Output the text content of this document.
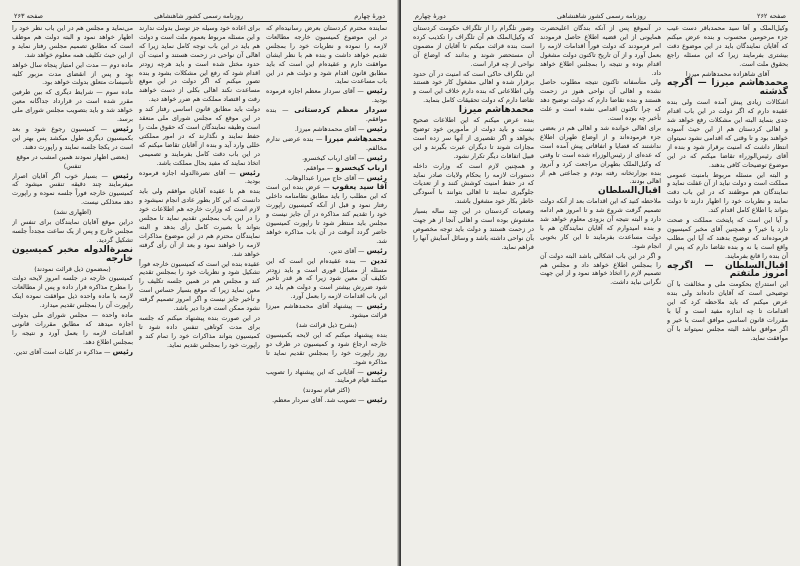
دورهٔ چهارم
روزنامه رسمی کشور شاهنشاهی
صفحه ۲۶۳

نماینده محترم کردستان بعرض رسانیده‌ام که در این موضوع کمیسیون خارجه مطالعات لازمه را نموده و نظریات خود را بمجلس تقدیم خواهد داشت و بنده هم با نظر ایشان موافقت دارم و عقیده‌ام این است که باید مطابق قانون اقدام شود و دولت هم در این باب مساعدت نماید.

رئیس — آقای سردار معظم اجازه فرموده بودید.

سردار معظم کردستانی — بنده موافقم.

رئیس — آقای محمدهاشم میرزا.

محمدهاشم میرزا — بنده عرضی ندارم مخالفم.

رئیس — آقای ارباب کیخسرو.

ارباب کیخسرو — موافقم.

رئیس — آقای حاج میرزا عبدالوهاب.

آقا سید یعقوب — عرض بنده این است که این مطلب را باید مطابق نظامنامه داخلی رفتار نمود و قبل از آنکه کمیسیون راپورت خود را تقدیم کند مذاکره در آن جایز نیست و مجلس باید منتظر شود تا راپورت کمیسیون حاضر گردد آنوقت در آن باب مذاکره خواهد شد.

رئیس — آقای تدین.

تدین — بنده عقیده‌ام این است که این مسئله از مسائل فوری است و باید زودتر تکلیف آن معین شود زیرا که هر قدر تأخیر شود ضررش بیشتر است و دولت هم باید در این باب اقدامات لازمه را بعمل آورد.

رئیس — پیشنهاد آقای محمدهاشم میرزا قرائت میشود.

(بشرح ذیل قرائت شد)

بنده پیشنهاد میکنم که این لایحه بکمیسیون خارجه ارجاع شود و کمیسیون در ظرف دو روز راپورت خود را بمجلس تقدیم نماید تا مذاکره شود.

رئیس — آقایانی که این پیشنهاد را تصویب میکنند قیام فرمایند.

(اکثر قیام نمودند)

رئیس — تصویب شد. آقای سردار معظم.

برای اعاده خود وسیله جز توسل بدولت ندارند و این مسئله مربوط بعموم ملت است و دولت هم باید در این باب توجه کامل نماید زیرا که اهالی آن نواحی در زحمت هستند و امنیت آن حدود مختل شده است و باید هرچه زودتر اقدام شود که رفع این مشکلات بشود و بنده تصور میکنم که اگر دولت در این موقع مساعدت نکند اهالی بکلی از دست خواهند رفت و اقتصاد مملکت هم ضرر خواهد دید.

دولت باید مطابق قانون اساسی رفتار کند و در این موقع که مجلس شورای ملی منعقد است وظیفه نمایندگان است که حقوق ملت را حفظ نمایند و نگذارند که در امور مملکتی خللی وارد آید و بنده از آقایان تقاضا میکنم که در این باب دقت کامل بفرمایند و تصمیمی اتخاذ نمایند که مفید بحال مملکت باشد.

رئیس — آقای نصرة‌الدوله اجازه فرموده بودید.

بنده هم با عقیده آقایان موافقم ولی باید دانست که این کار بطور عادی انجام نمیشود و لازم است که وزارت خارجه هم اطلاعات خود را در این باب بمجلس تقدیم نماید تا مجلس بتواند با بصیرت کامل رأی بدهد و البته نمایندگان محترم هم در این موضوع مذاکرات لازمه را خواهند نمود و بعد از آن رأی گرفته خواهد شد.

عقیده بنده این است که کمیسیون خارجه فوراً تشکیل شود و نظریات خود را بمجلس تقدیم کند و مجلس هم در همین جلسه تکلیف را معین نماید زیرا که موقع بسیار حساس است و تأخیر جایز نیست و اگر امروز تصمیم گرفته نشود ممکن است فردا دیر باشد.

در این صورت بنده پیشنهاد میکنم که جلسه برای مدت کوتاهی تنفس داده شود تا کمیسیون بتواند مذاکرات خود را تمام کند و راپورت خود را بمجلس تقدیم نماید.

می‌نماید و مجلس هم در این باب نظر خود را اظهار خواهد نمود و البته دولت هم موظف است که مطابق تصمیم مجلس رفتار نماید و از این حیث تکلیف همه معلوم خواهد شد.

ماده دوم — مدت این امتیاز پنجاه سال خواهد بود و پس از انقضای مدت مزبور کلیه تأسیسات متعلق بدولت خواهد بود.

ماده سوم — شرایط دیگری که بین طرفین مقرر شده است در قرارداد جداگانه معین خواهد شد و باید بتصویب مجلس شورای ملی برسد.

رئیس — کمیسیون رجوع شود و بعد بکمیسیون دیگری طول میکشد پس بهتر این است در یکجا جلسه نمایند و راپورت دهند.

(بعضی اظهار نمودند همین امشب در موقع تنفس)

رئیس — بسیار خوب اگر آقایان اصرار میفرمایند چند دقیقه تنفس میشود که کمیسیون خارجه فوراً جلسه نموده و راپورت دهد معذلکی نیست.

(اظهاری نشد)

دراین موقع آقایان نمایندگان برای تنفس از مجلس خارج و پس از یک ساعت مجدداً جلسه تشکیل گردید.

نصرة‌الدوله مخبر کمیسیون خارجه

(بمضمون ذیل قرائت نمودند)

کمیسیون خارجه در جلسه امروز لایحه دولت را مطرح مذاکره قرار داده و پس از مطالعات لازمه با ماده واحده ذیل موافقت نموده اینک راپورت آن را بمجلس تقدیم میدارد.

ماده واحده — مجلس شورای ملی بدولت اجازه میدهد که مطابق مقررات قانونی اقدامات لازمه را بعمل آورد و نتیجه را بمجلس اطلاع دهد.

رئیس — مذاکره در کلیات است آقای تدین.

صفحه ۲۶۲
روزنامه رسمی کشور شاهنشاهی
دورهٔ چهارم

وکیل‌الملک و آقا سید محمدباقر دست غیب جزء مرحومین محسوب و بنده عرض میکنم که آقایان نمایندگان باید در این موضوع دقت بیشتری بفرمایند زیرا که این مسئله راجع بحقوق ملت است.

آقای شاهزاده محمدهاشم میرزا

محمدهاشم میرزا — اگرچه گذشته

اشکالات زیادی پیش آمده است ولی بنده عقیده دارم که اگر دولت در این باب اقدام جدی بنماید البته این مشکلات رفع خواهد شد و اهالی کردستان هم از این حیث آسوده خواهند بود و تا وقتی که اقدامی نشود نمیتوان انتظار داشت که امنیت برقرار شود و بنده از آقای رئیس‌الوزراء تقاضا میکنم که در این موضوع توضیحات کافی بدهند.

و البته این مسئله مربوط بامنیت عمومی مملکت است و دولت نباید از آن غفلت نماید و نمایندگان هم موظفند که در این باب دقت نمایند و نظریات خود را اظهار دارند تا دولت بتواند با اطلاع کامل اقدام کند.

و آیا این است که پایتخت مملکت و صحت دارد یا خیر؟ و همچنین آقای مخبر کمیسیون فرموده‌اند که توضیح بدهند که آیا این مطلب واقع است یا نه و بنده تقاضا دارم که پس از آن بنده را قانع بفرمایند.

اقبال‌السلطان — اگرچه امروز ملتفتم

این استدراج بحکومت ملی و مخالفت با آن توضیحی است که آقایان داده‌اند ولی بنده عرض میکنم که باید ملاحظه کرد که این اقدامات تا چه اندازه مفید است و آیا با مقررات قانون اساسی موافق است یا خیر و اگر موافق نباشد البته مجلس نمیتواند با آن موافقت نماید.

در آنموقع پس از آنکه بندگان اعلیحضرت همایونی از این قضیه اطلاع حاصل فرمودند امر فرمودند که دولت فوراً اقدامات لازمه را بعمل آورد و از آن تاریخ تاکنون دولت مشغول اقدام بوده و نتیجه را بمجلس اطلاع خواهد داد.

ولی متأسفانه تاکنون نتیجه مطلوب حاصل نشده و اهالی آن نواحی هنوز در زحمت هستند و بنده تقاضا دارم که دولت توضیح دهد که چرا تاکنون اقدامی نشده است و علت تأخیر چه بوده است.

برای اهالی خوانده شد و اهالی هم در بعضی جزء فرموده‌اند و از اوضاع طهران اطلاع نداشتند که قضایا و اتفاقاتی پیش آمده است که عده‌ای از رئیس‌الوزراء شده است تا وقتی که وکیل‌الملک بطهران مراجعت کرد و آنروز بنده بوزارتخانه رفته بودم و جماعتی هم از اهالی بودند.

اقبال‌السلطان

ملاحظه کنید که این اقدامات بعد از آنکه دولت تصمیم گرفت شروع شد و تا امروز هم ادامه دارد و البته نتیجه آن بزودی معلوم خواهد شد و بنده امیدوارم که آقایان نمایندگان هم با دولت مساعدت بفرمایند تا این کار بخوبی انجام شود.

و اگر در این باب اشکالی باشد البته دولت آن را بمجلس اطلاع خواهد داد و مجلس هم تصمیم لازم را اتخاذ خواهد نمود و از این جهت نگرانی نباید داشت.

وضور تلگرام را از تلگراف حکومت کردستان که وکیل‌الملک هم آن تلگراف را تکذیب کرده است بنده قرائت میکنم تا آقایان از مضمون آن مستحضر شوند و بدانند که اوضاع آن نواحی از چه قرار است.

این تلگراف حاکی است که امنیت در آن حدود برقرار شده و اهالی مشغول کار خود هستند ولی اطلاعاتی که بنده دارم خلاف این است و تقاضا دارم که دولت تحقیقات کامل بنماید.

محمدهاشم میرزا

بنده عرض میکنم که این اطلاعات صحیح نیست و باید دولت از مأمورین خود توضیح بخواهد و اگر تقصیری از آنها سر زده است مجازات شوند تا دیگران عبرت بگیرند و این قبیل اتفاقات دیگر تکرار نشود.

و همچنین لازم است که وزارت داخله دستورات لازمه را بحکام ولایات صادر نماید که در حفظ امنیت کوشش کنند و از تعدیات جلوگیری نمایند تا اهالی بتوانند با آسودگی خاطر بکار خود مشغول باشند.

وضعیات کردستان در این چند ساله بسیار مغشوش بوده است و اهالی آنجا از هر جهت در زحمت هستند و دولت باید توجه مخصوص بآن نواحی داشته باشد و وسائل آسایش آنها را فراهم نماید.
